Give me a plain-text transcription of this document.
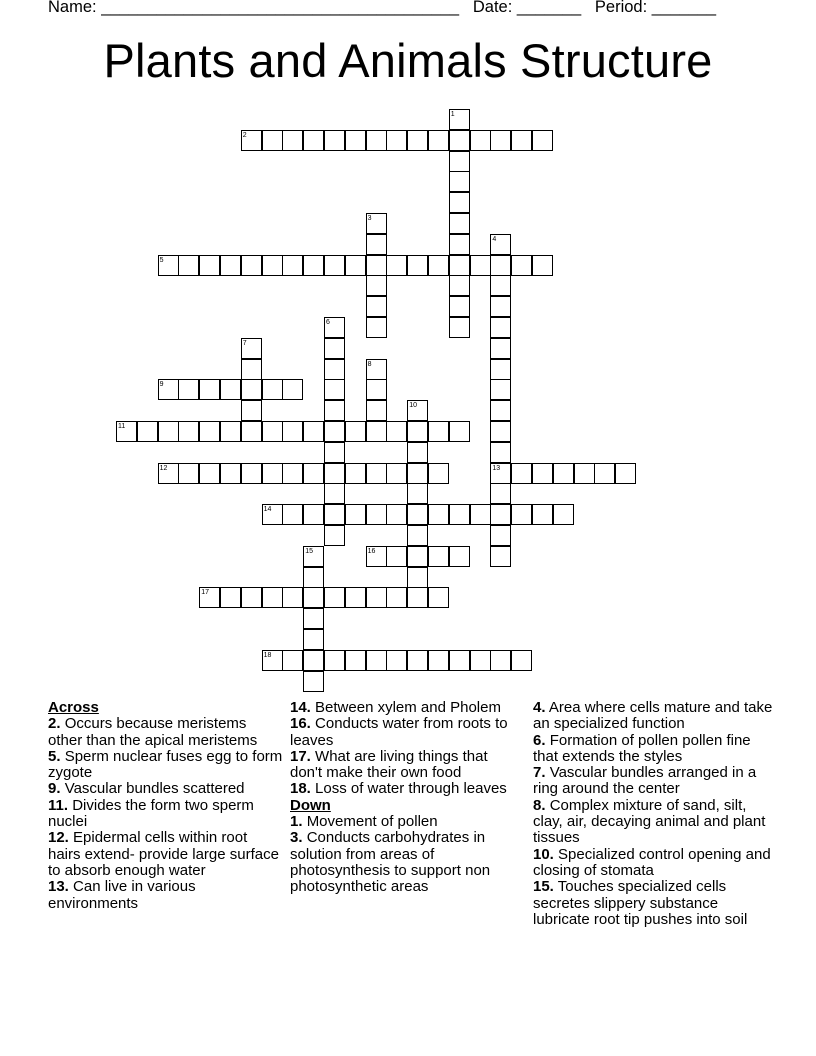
Name: _______________________________________ Date: _______ Period: _______
Plants and Animals Structure
1
2
3
4
5
6
7
8
9
10
11
12	13
14
15	16
17
18

Across

2. Occurs because meristems other than the apical meristems

5. Sperm nuclear fuses egg to form zygote

9. Vascular bundles scattered

11. Divides the form two sperm nuclei

12. Epidermal cells within root hairs extend- provide large surface to absorb enough water

13. Can live in various environments

14. Between xylem and Pholem

16. Conducts water from roots to leaves

17. What are living things that don't make their own food

18. Loss of water through leaves

Down

1. Movement of pollen

3. Conducts carbohydrates in solution from areas of photosynthesis to support non photosynthetic areas

4. Area where cells mature and take an specialized function

6. Formation of pollen pollen fine that extends the styles

7. Vascular bundles arranged in a ring around the center

8. Complex mixture of sand, silt, clay, air, decaying animal and plant tissues

10. Specialized control opening and closing of stomata

15. Touches specialized cells secretes slippery substance lubricate root tip pushes into soil
